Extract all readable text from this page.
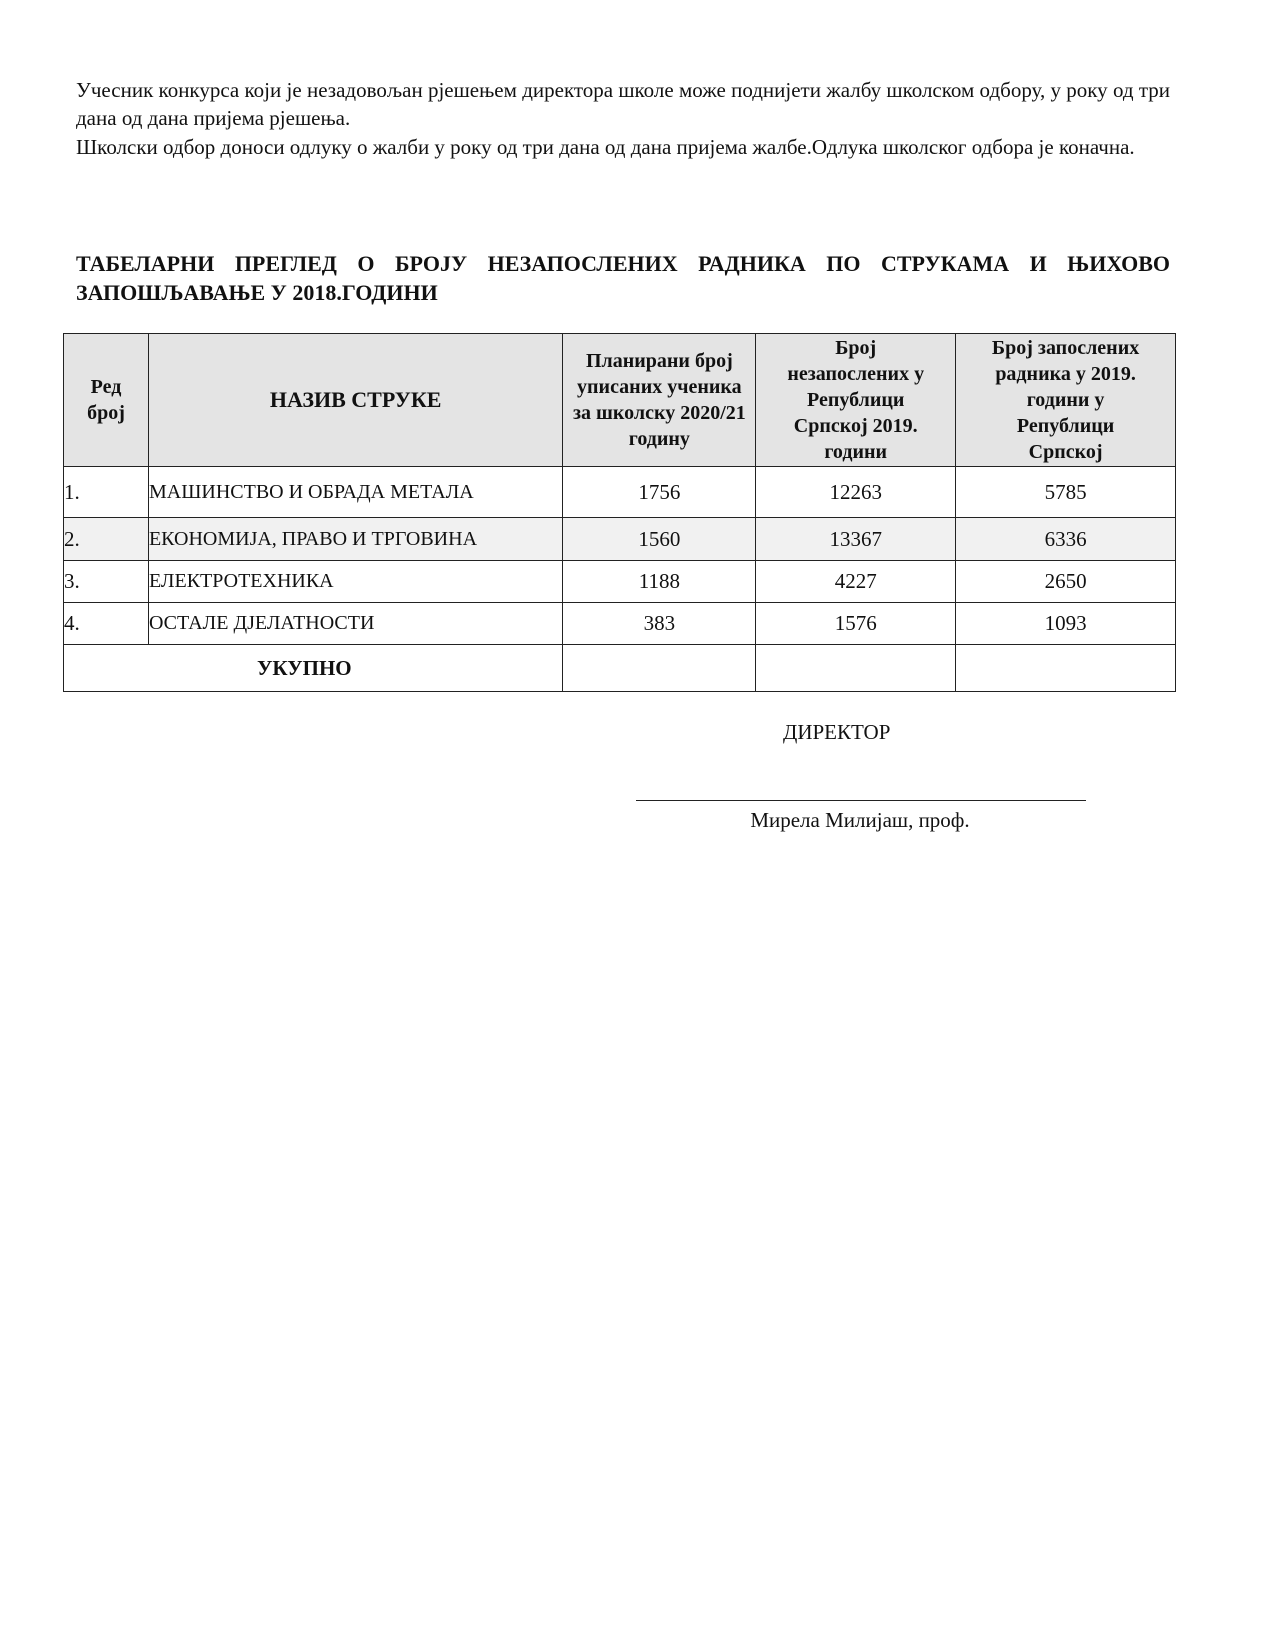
Учесник конкурса који је незадовољан рјешењем директора школе може поднијети жалбу школском одбору, у року од три дана од дана пријема рјешења.
Школски одбор доноси одлуку о жалби у року од три дана од дана пријема жалбе.Одлука школског одбора је коначна.
ТАБЕЛАРНИ ПРЕГЛЕД О БРОЈУ НЕЗАПОСЛЕНИХ РАДНИКА ПО СТРУКАМА И ЊИХОВО ЗАПОШЉАВАЊЕ У 2018.ГОДИНИ
Ред број	НАЗИВ СТРУКЕ	Планирани број уписаних ученика за школску 2020/21 годину	Број незапослених у Републици Српској 2019. години	Број запослених радника у 2019. години у Републици Српској
1.	МАШИНСТВО И ОБРАДА МЕТАЛА	1756	12263	5785
2.	ЕКОНОМИЈА, ПРАВО И ТРГОВИНА	1560	13367	6336
3.	ЕЛЕКТРОТЕХНИКА	1188	4227	2650
4.	ОСТАЛЕ ДЈЕЛАТНОСТИ	383	1576	1093
УКУПНО				
ДИРЕКТОР
Мирела Милијаш, проф.
